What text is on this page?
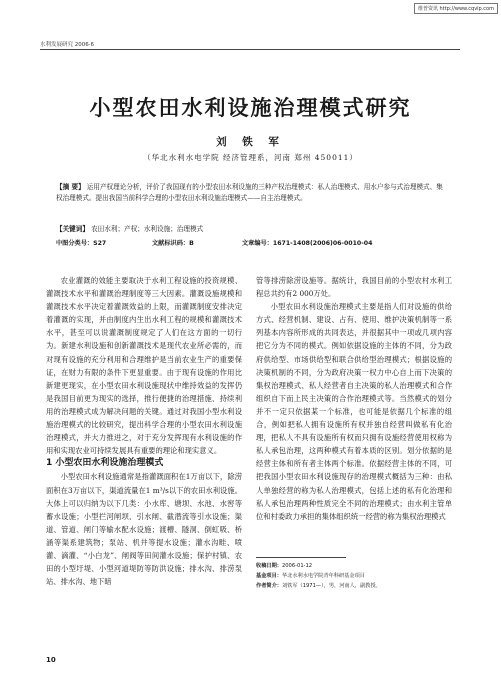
维普资讯 http://www.cqvip.com
水利发展研究 2006·6
小型农田水利设施治理模式研究
刘 铁 军
（华北水利水电学院 经济管理系，河南 郑州 450011）
【摘 要】 运用产权理论分析，评价了我国现有的小型农田水利设施的三种产权治理模式：私人治理模式、用水户参与式治理模式、集权治理模式。提出我国当前科学合理的小型农田水利设施治理模式——自主治理模式。
【关键词】 农田水利；产权；水利设施；治理模式
中图分类号：S27	文献标识码：B	文章编号：1671-1408(2006)06-0010-04

农业灌溉的效能主要取决于水利工程设施的投资规模、灌溉技术水平和灌溉治理制度等三大因素。灌溉设施规模和灌溉技术水平决定着灌溉效益的上限，而灌溉制度安排决定着灌溉的实现，并由制度内生出水利工程的规模和灌溉技术水平，甚至可以说灌溉制度规定了人们在这方面的一切行为。新建水利设施和创新灌溉技术是现代农业所必需的，而对现有设施的充分利用和合理维护是当前农业生产的重要保证，在财力有限的条件下更显重要。由于现有设施的作用比新建更现实，在小型农田水利设施现状中维持效益的发挥仍是我国目前更为现实的选择，推行便捷的治理措施、持续利用的治理模式成为解决问题的关键。通过对我国小型水利设施治理模式的比较研究，提出科学合理的小型农田水利设施治理模式，并大力推进之，对于充分发挥现有水利设施的作用和实现农业可持续发展具有重要的理论和现实意义。

1 小型农田水利设施治理模式

小型农田水利设施通常是指灌溉面积在1万亩以下，除涝面积在3万亩以下，渠道流量在1 m³/s以下的农田水利设施。大体上可以归纳为以下几类：小水库、塘坝、水池、水窖等蓄水设施；小型拦河闸坝、引水闸、截潜流等引水设施；渠道、管道、闸门等输水配水设施；渡槽、隧洞、倒虹吸、桥涵等渠系建筑物；泵站、机井等提水设施；灌水沟畦、喷灌、滴灌、“小白龙”、闸阀等田间灌水设施；保护村镇、农田的小型圩堤、小型河道堤防等防洪设施；排水沟、排涝泵站、排水沟、地下暗

管等排涝除涝设施等。据统计，我国目前的小型农村水利工程总共约有2 000万处。

小型农田水利设施治理模式主要是指人们对设施的供给方式、经营机制、建设、占有、使用、维护决策机制等一系列基本内容所形成的共同表达，并很据其中一项或几项内容把它分为不同的模式。例如依据设施的主体的不同，分为政府供给型、市场供给型和联合供给型治理模式；根据设施的决策机制的不同，分为政府决策一权力中心自上而下决策的集权治理模式、私人经营者自主决策的私人治理模式和合作组织自下而上民主决策的合作治理模式等。当然模式的划分并不一定只依据某一个标准，也可能是依据几个标准的组合，例如把私人拥有设施所有权并独自经营叫做私有化治理，把私人不具有设施所有权而只拥有设施经营使用权称为私人承包治理，这两种模式有着本质的区别。划分依据的是经营主体和所有者主体两个标准。依据经营主体的不同，可把我国小型农田水利设施现存的治理模式概括为三种：由私人单独经营的称为私人治理模式，包括上述的私有化治理和私人承包治理两种性质完全不同的治理模式；由水利主管单位和村委政力承担的集体组织统一经营的称为集权治理模式

收稿日期：2006-01-12
基金项目：华北水利水电学院青年科研基金项目
作者简介：刘铁军（1971—），男，河南人，副教授。
10
